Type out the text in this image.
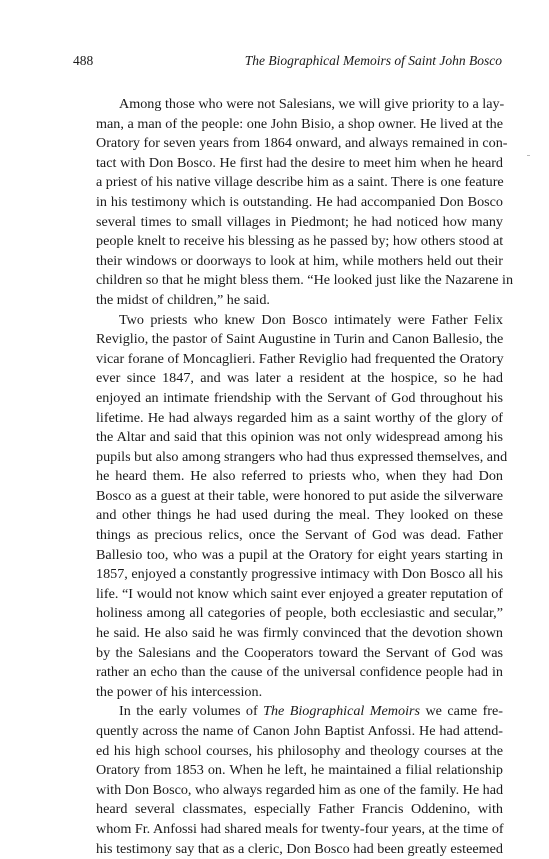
488	The Biographical Memoirs of Saint John Bosco

Among those who were not Salesians, we will give priority to a lay-
man, a man of the people: one John Bisio, a shop owner. He lived at the
Oratory for seven years from 1864 onward, and always remained in con-
tact with Don Bosco. He first had the desire to meet him when he heard
a priest of his native village describe him as a saint. There is one feature
in his testimony which is outstanding. He had accompanied Don Bosco
several times to small villages in Piedmont; he had noticed how many
people knelt to receive his blessing as he passed by; how others stood at
their windows or doorways to look at him, while mothers held out their
children so that he might bless them. “He looked just like the Nazarene in
the midst of children,” he said.

Two priests who knew Don Bosco intimately were Father Felix
Reviglio, the pastor of Saint Augustine in Turin and Canon Ballesio, the
vicar forane of Moncaglieri. Father Reviglio had frequented the Oratory
ever since 1847, and was later a resident at the hospice, so he had
enjoyed an intimate friendship with the Servant of God throughout his
lifetime. He had always regarded him as a saint worthy of the glory of
the Altar and said that this opinion was not only widespread among his
pupils but also among strangers who had thus expressed themselves, and
he heard them. He also referred to priests who, when they had Don
Bosco as a guest at their table, were honored to put aside the silverware
and other things he had used during the meal. They looked on these
things as precious relics, once the Servant of God was dead. Father
Ballesio too, who was a pupil at the Oratory for eight years starting in
1857, enjoyed a constantly progressive intimacy with Don Bosco all his
life. “I would not know which saint ever enjoyed a greater reputation of
holiness among all categories of people, both ecclesiastic and secular,”
he said. He also said he was firmly convinced that the devotion shown
by the Salesians and the Cooperators toward the Servant of God was
rather an echo than the cause of the universal confidence people had in
the power of his intercession.

In the early volumes of The Biographical Memoirs we came fre-
quently across the name of Canon John Baptist Anfossi. He had attend-
ed his high school courses, his philosophy and theology courses at the
Oratory from 1853 on. When he left, he maintained a filial relationship
with Don Bosco, who always regarded him as one of the family. He had
heard several classmates, especially Father Francis Oddenino, with
whom Fr. Anfossi had shared meals for twenty-four years, at the time of
his testimony say that as a cleric, Don Bosco had been greatly esteemed
